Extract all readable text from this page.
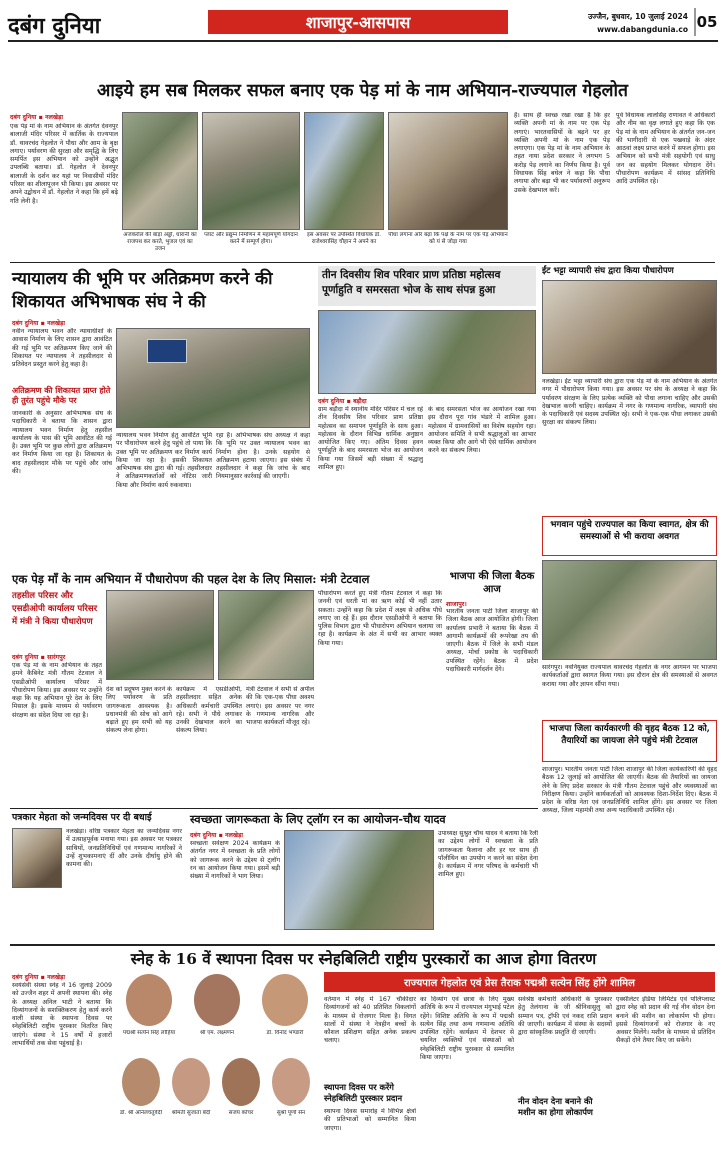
दबंग दुनिया	शाजापुर-आसपास	उज्जैन, बुधवार, 10 जुलाई 2024
www.dabangdunia.co 05
आइये हम सब मिलकर सफल बनाए एक पेड़ मां के नाम अभियान-राज्यपाल गेहलोत
दबंग दुनिया ▪ नलखेड़ा
एक पेड़ मां के नाम अभियान के अंतर्गत देवनपुर बालाजी मंदिर परिसर में कार्तिक के राज्यपाल डॉ. थावरचंद गेहलोत ने पौधा और आम के बृक्ष लगाए। पर्यावरण की सुरक्षा और समृद्धि के लिए समर्पित इस अभियान को उन्होंने अद्भुत उपलब्धि बताया। डॉ. गेहलोत ने देवनपुर बालाजी के दर्शन कर यहां पर निवासीयों मंदिर परिसर का शीलापूजन भी किया। इस अवसर पर अपने उद्बोधन में डॉ. गेहलोत ने कहा कि हमें बढ़े गति लेनी है।
अजकरोल की बाड़ा अड्डो, धारानी का राजपथ कर करते, भुजल एवं का उजन
प्लांट और प्रद्युम्न निर्माणन में महामपूर्ण योगदान करने में सम्पूर्ण होगा।
इस अवसर पर उपस्थित विधायक डॉ. राजेश्वरासिंह चौहान ने अपने का
पौधा लगाना ओर बढ़ा कि पक्षे के नाम पर एक पेड़ अभियान को यं से जोड़ा गया
है। साथ ही स्वच्छ रखा रखा है कि हर व्यक्ति अपनी मां के नाम पर एक पेड़ लगाएं। भारतवासियों के बढ़ने पर हर व्यक्ति अपनी मां के नाम एक पेड़ लगाएगा। एक पेड़ मां के नाम अभियान के तहत नाया प्रदेश सरकार ने लगभग 5 करोड़ पेड़ लगाने का निर्णय किया है। पूर्व विधायक सिंह बघेल ने कहा कि पौधा लगाया और बढ़ा भी कर पर्यावरणों अनुरूप उसके देखभाल करें।
पूर्व विधायक लालसिंह राणावत ने अधिकारों और नीम का वृक्ष लगाते हुए कहा कि एक पेड़ मां के नाम अभियान के अंतर्गत जन-जन की भागीदारी से एक पखवाड़े के अंदर आठवां लक्ष्य प्राप्त करने में सफल होगा। इस अभियान को सभी मंत्री सहयोगी एवं साधु जन का सहयोग मिलकर योगदान देंगे। पौधारोपण कार्यक्रम में सांसद प्रतिनिधि आदि उपस्थित रहे।
न्यायालय की भूमि पर अतिक्रमण करने की शिकायत अभिभाषक संघ ने की
दबंग दुनिया ▪ नलखेड़ा
नवीन न्यायालय भवन और न्यायाधीशों के आवास निर्माण के लिए शासन द्वारा आवंटित की गई भूमि पर अतिक्रमण किए जाने की शिकायत पर न्यायालय ने तहसीलदार से प्रतिवेदन प्रस्तुत करने हेतु कहा है।
अतिक्रमण की शिकायत प्राप्त होते ही तुरंत पहुंचे मौके पर
जानकारी के अनुसार अभिभाषक संघ के पदाधिकारी ने बताया कि शासन द्वारा न्यायालय भवन निर्माण हेतु तहसील कार्यालय के पास की भूमि आवंटित की गई है। उक्त भूमि पर कुछ लोगों द्वारा अतिक्रमण कर निर्माण किया जा रहा है। शिकायत के बाद तहसीलदार मौके पर पहुंचे और जांच की।
न्यायालय भवन निर्माण हेतु आवंटित भूमि पर पौधारोपण करने हेतु पहुंचे तो पाया कि उक्त भूमि पर अतिक्रमण कर निर्माण कार्य किया जा रहा है। इसकी शिकायत अभिभाषक संघ द्वारा की गई। तहसीलदार ने अतिक्रमणकर्ताओं को नोटिस जारी किया और निर्माण कार्य रुकवाया।
रहा है। अभिभाषक संघ अध्यक्ष ने कहा कि भूमि पर उक्त न्यायालय भवन का निर्माण होना है। उनके सहयोग से अतिक्रमण हटाया जाएगा। इस संबंध में तहसीलदार ने कहा कि जांच के बाद नियमानुसार कार्रवाई की जाएगी।
तीन दिवसीय शिव परिवार प्राण प्रतिष्ठा महोत्सव पूर्णाहुति व समरसता भोज के साथ संपन्न हुआ
दबंग दुनिया ▪ बड़ौदा
ग्राम बड़ौदा में स्थानीय मंदिर परिसर में चल रहे तीन दिवसीय शिव परिवार प्राण प्रतिष्ठा महोत्सव का समापन पूर्णाहुति के साथ हुआ। महोत्सव के दौरान विभिन्न धार्मिक अनुष्ठान आयोजित किए गए। अंतिम दिवस हवन पूर्णाहुति के बाद समरसता भोज का आयोजन किया गया जिसमें बड़ी संख्या में श्रद्धालु शामिल हुए।
के बाद समरसता भोज का आयोजन रखा गया इस दौरान पूरा गांव भंडारे में शामिल हुआ। महोत्सव में ग्रामवासियों का विशेष सहयोग रहा। आयोजन समिति ने सभी श्रद्धालुओं का आभार व्यक्त किया और आगे भी ऐसे धार्मिक आयोजन करने का संकल्प लिया।
ईंट भट्टा व्यापारी संघ द्वारा किया पौधारोपण
नलखेड़ा। ईंट भट्टा व्यापारी संघ द्वारा एक पेड़ मां के नाम अभियान के अंतर्गत नगर में पौधारोपण किया गया। इस अवसर पर संघ के अध्यक्ष ने कहा कि पर्यावरण संरक्षण के लिए प्रत्येक व्यक्ति को पौधा लगाना चाहिए और उसकी देखभाल करनी चाहिए। कार्यक्रम में नगर के गणमान्य नागरिक, व्यापारी संघ के पदाधिकारी एवं सदस्य उपस्थित रहे। सभी ने एक-एक पौधा लगाकर उसकी सुरक्षा का संकल्प लिया।
भगवान पहुंचे राज्यपाल का किया स्वागत, क्षेत्र की समस्याओं से भी कराया अवगत
सारंगपुर। नवनियुक्त राज्यपाल थावरचंद गेहलोत के नगर आगमन पर भाजपा कार्यकर्ताओं द्वारा स्वागत किया गया। इस दौरान क्षेत्र की समस्याओं से अवगत कराया गया और ज्ञापन सौंपा गया।
भाजपा जिला कार्यकारणी की वृहद बैठक 12 को, तैयारियों का जायजा लेने पहुंचे मंत्री टेटवाल
शाजापुर। भारतीय जनता पार्टी जिला शाजापुर की जिला कार्यकारिणी की वृहद बैठक 12 जुलाई को आयोजित की जाएगी। बैठक की तैयारियों का जायजा लेने के लिए प्रदेश सरकार के मंत्री गौतम टेटवाल पहुंचे और व्यवस्थाओं का निरीक्षण किया। उन्होंने कार्यकर्ताओं को आवश्यक दिशा-निर्देश दिए। बैठक में प्रदेश के वरिष्ठ नेता एवं जनप्रतिनिधि शामिल होंगे। इस अवसर पर जिला अध्यक्ष, जिला महामंत्री तथा अन्य पदाधिकारी उपस्थित रहे।
एक पेड़ माँ के नाम अभियान में पौधारोपण की पहल देश के लिए मिसाल: मंत्री टेटवाल
तहसील परिसर और एसडीओपी कार्यालय परिसर में मंत्री ने किया पौधारोपण
दबंग दुनिया ▪ सारंगपुर
एक पेड़ मां के नाम अभियान के तहत हमने कैबिनेट मंत्री गौतम टेटवाल ने एसडीओपी कार्यालय परिसर में पौधारोपण किया। इस अवसर पर उन्होंने कहा कि यह अभियान पूरे देश के लिए मिसाल है। इसके माध्यम से पर्यावरण संरक्षण का संदेश दिया जा रहा है।
देश को प्रदूषण मुक्त करने के लिए पर्यावरण के प्रति जागरूकता आवश्यक है। प्रधानमंत्री की सोच को आगे बढ़ाते हुए हम सभी को यह संकल्प लेना होगा।
कार्यक्रम में एसडीओपी, तहसीलदार सहित अनेक अधिकारी कर्मचारी उपस्थित रहे। सभी ने पौधे लगाकर उनकी देखभाल करने का संकल्प लिया।
मंत्री टेटवाल ने सभी से अपील की कि एक-एक पौधा अवश्य लगाएं। इस अवसर पर नगर के गणमान्य नागरिक और भाजपा कार्यकर्ता मौजूद रहे।
पौधारोपण करते हुए मंत्री गौतम टेटवाल ने कहा कि जननी एवं धरती मां का ऋण कोई भी नहीं उतार सकता। उन्होंने कहा कि प्रदेश में लक्ष्य से अधिक पौधे लगाए जा रहे हैं। इस दौरान एसडीओपी ने बताया कि पुलिस विभाग द्वारा भी पौधारोपण अभियान चलाया जा रहा है। कार्यक्रम के अंत में सभी का आभार व्यक्त किया गया।
भाजपा की जिला बैठक आज
शाजापुर।
भारतीय जनता पार्टी जिला शाजापुर की जिला बैठक आज आयोजित होगी। जिला कार्यालय प्रभारी ने बताया कि बैठक में आगामी कार्यक्रमों की रूपरेखा तय की जाएगी। बैठक में जिले के सभी मंडल अध्यक्ष, मोर्चा प्रकोष्ठ के पदाधिकारी उपस्थित रहेंगे। बैठक में प्रदेश पदाधिकारी मार्गदर्शन देंगे।
पत्रकार मेहता को जन्मदिवस पर दी बधाई
नलखेड़ा। वरिष्ठ पत्रकार मेहता का जन्मदिवस नगर में उत्साहपूर्वक मनाया गया। इस अवसर पर पत्रकार साथियों, जनप्रतिनिधियों एवं गणमान्य नागरिकों ने उन्हें शुभकामनाएं दीं और उनके दीर्घायु होने की कामना की।
स्वच्छता जागरूकता के लिए ट्लॉग रन का आयोजन-चौथ यादव
दबंग दुनिया ▪ नलखेड़ा
स्वच्छता सर्वेक्षण 2024 कार्यक्रम के अंतर्गत नगर में स्वच्छता के प्रति लोगों को जागरूक करने के उद्देश्य से ट्लॉग रन का आयोजन किया गया। इसमें बड़ी संख्या में नागरिकों ने भाग लिया।
उपाध्यक्ष सुश्रुत चौथ यादव ने बताया कि रैली का उद्देश्य लोगों में स्वच्छता के प्रति जागरूकता फैलाना और हर घर साथ ही पॉलीथिन का उपयोग न करने का संदेश देना है। कार्यक्रम में नगर परिषद के कर्मचारी भी शामिल हुए।
स्नेह के 16 वें स्थापना दिवस पर स्नेहबिलिटी राष्ट्रीय पुरस्कारों का आज होगा वितरण
दबंग दुनिया ▪ नलखेड़ा
स्वयंसेवी संस्था स्नेह ने 16 जुलाई 2009 को उज्जैन शहर में अपनी स्थापना की। स्नेह के अध्यक्ष अनिल भाटी ने बताया कि दिव्यांगजनों के सशक्तिकरण हेतु कार्य करने वाली संस्था के स्थापना दिवस पर स्नेहबिलिटी राष्ट्रीय पुरस्कार वितरित किए जाएंगे। संस्था ने 15 वर्षों में हजारों लाभार्थियों तक सेवा पहुंचाई है।
पद्मश्री सत्येन सिंह लोहिया	श्री एम. लक्ष्मणन	डॉ. विनोद भण्डारी
डॉ. श्री अनिलचतुर्वेदी	श्रीमती सुजाता बेदी	संजय कोचर	सुश्री पूर्णा सेन
राज्यपाल गेहलोत एवं प्रेस तैराक पद्मश्री सत्येन सिंह होंगे शामिल
वर्तमान में स्नेह में 167 चौकीदार दिव्यांगजनों को 40 प्रतिशित विकलांगों के माध्यम से रोजगार मिला है। विगत सालों में संस्था ने नेत्रहीन बच्चों के कौशल प्रशिक्षण सहित अनेक प्रकल्प चलाए।
स्थापना दिवस पर करेंगे स्नेहबिलिटी पुरस्कार प्रदान
स्थापना दिवस समारोह में विभिन्न क्षेत्रों की प्रतिभाओं को सम्मानित किया जाएगा।
का दिव्यांग एवं छात्रा के लिए मुख्य अतिथि के रूप में राज्यपाल मंगुभाई पटेल रहेंगे। विशिष्ट अतिथि के रूप में पद्मश्री सत्येन सिंह तथा अन्य गणमान्य अतिथि उपस्थित रहेंगे। कार्यक्रम में देशभर से चयनित व्यक्तियों एवं संस्थाओं को स्नेहबिलिटी राष्ट्रीय पुरस्कार से सम्मानित किया जाएगा।
सर्वश्रेष्ठ कर्मचारी अधिकारी के पुरस्कार हेतु तेलंगाना के जी श्रीनिवासुलु को सम्मान पत्र, ट्रॉफी एवं नकद राशि प्रदान की जाएगी। कार्यक्रम में संस्था के सदस्यों द्वारा सांस्कृतिक प्रस्तुति दी जाएगी।
नीन वोदन देना बनाने की मशीन का होगा लोकार्पण
एक्सीलेटर इंडिया लिमिटेड एवं पोलिप्लास्ट द्वारा स्नेह को प्रदान की गई नीन वोदन देना बनाने की मशीन का लोकार्पण भी होगा। इससे दिव्यांगजनों को रोजगार के नए अवसर मिलेंगे। मशीन के माध्यम से प्रतिदिन सैकड़ों दोने तैयार किए जा सकेंगे।
